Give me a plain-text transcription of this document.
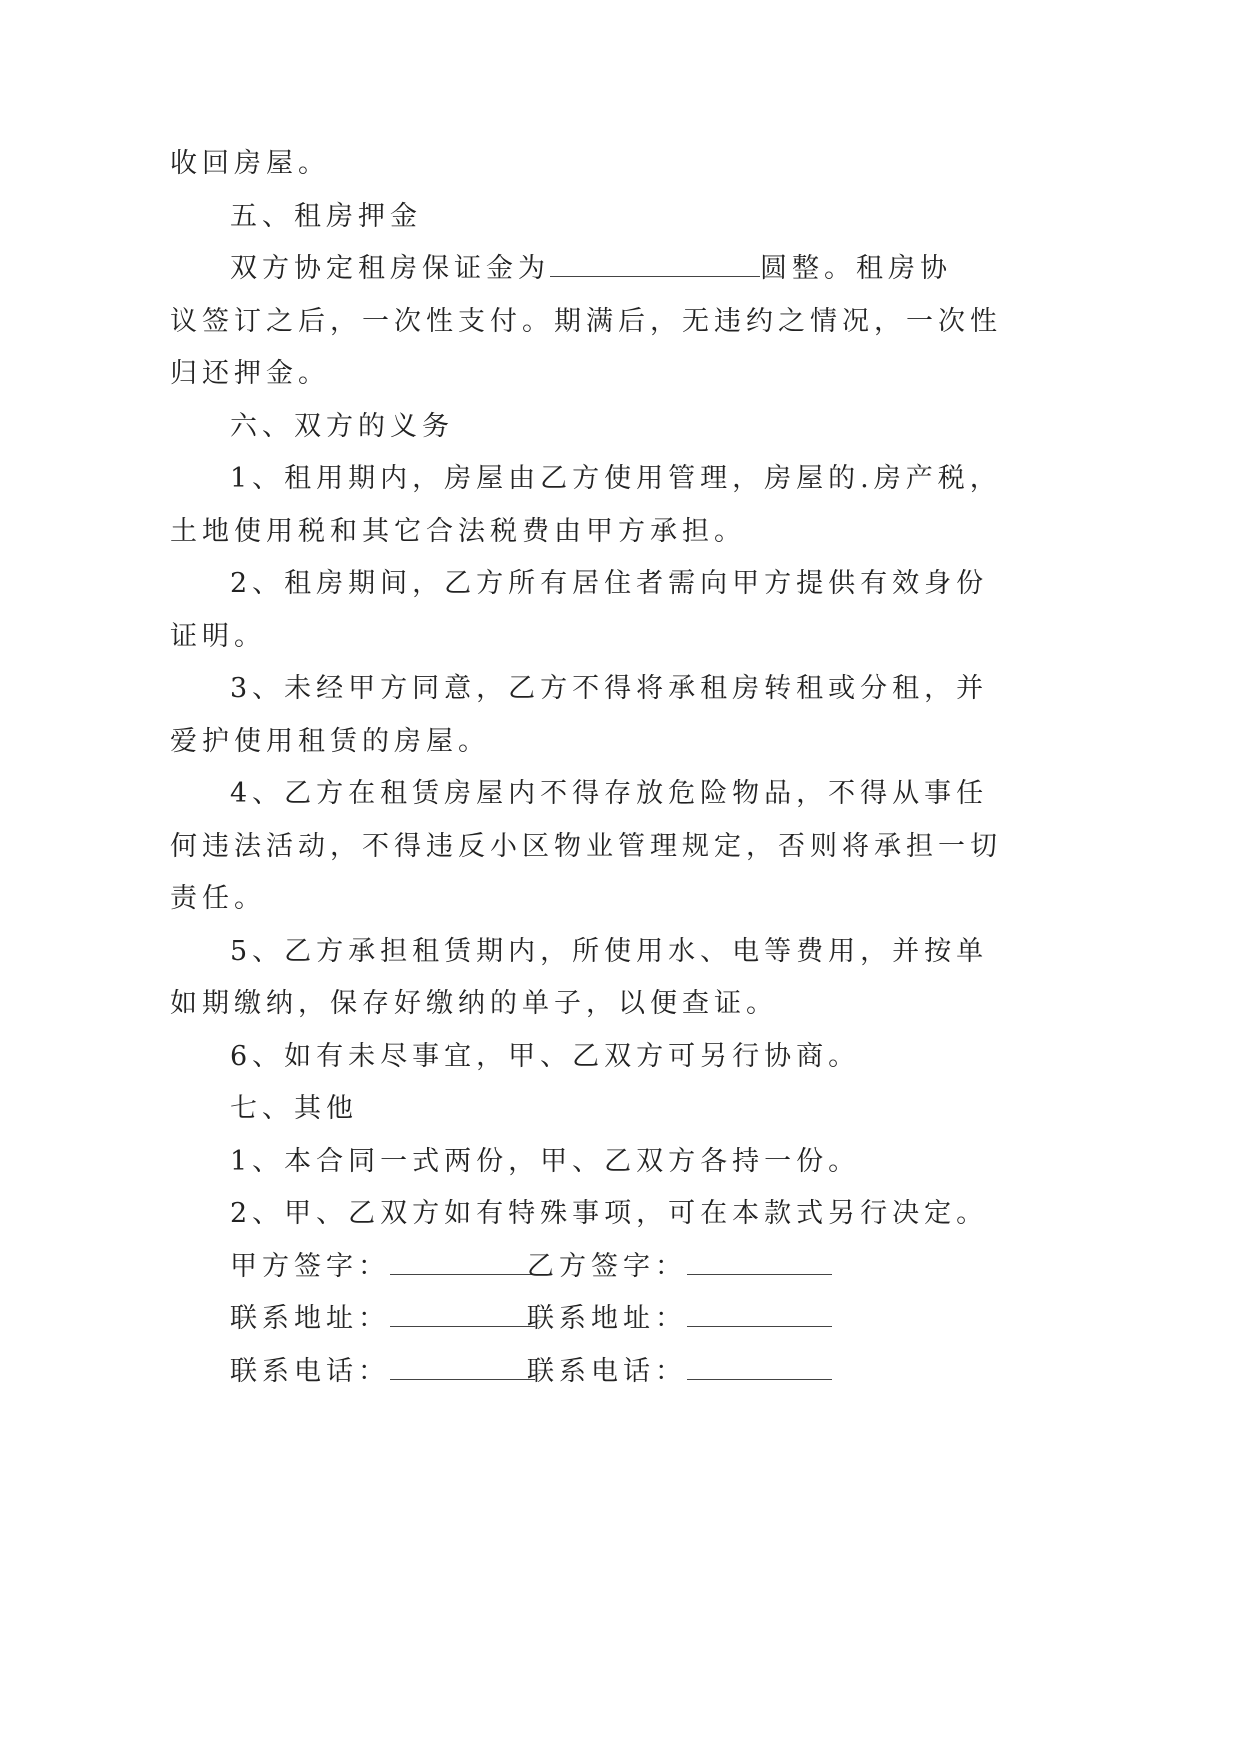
收回房屋。
五、租房押金
双方协定租房保证金为	圆整。租房协
议签订之后，一次性支付。期满后，无违约之情况，一次性
归还押金。
六、双方的义务
1、租用期内，房屋由乙方使用管理，房屋的.房产税，
土地使用税和其它合法税费由甲方承担。
2、租房期间，乙方所有居住者需向甲方提供有效身份
证明。
3、未经甲方同意，乙方不得将承租房转租或分租，并
爱护使用租赁的房屋。
4、乙方在租赁房屋内不得存放危险物品，不得从事任
何违法活动，不得违反小区物业管理规定，否则将承担一切
责任。
5、乙方承担租赁期内，所使用水、电等费用，并按单
如期缴纳，保存好缴纳的单子，以便查证。
6、如有未尽事宜，甲、乙双方可另行协商。
七、其他
1、本合同一式两份，甲、乙双方各持一份。
2、甲、乙双方如有特殊事项，可在本款式另行决定。
甲方签字：	乙方签字：
联系地址：	联系地址：
联系电话：	联系电话：
